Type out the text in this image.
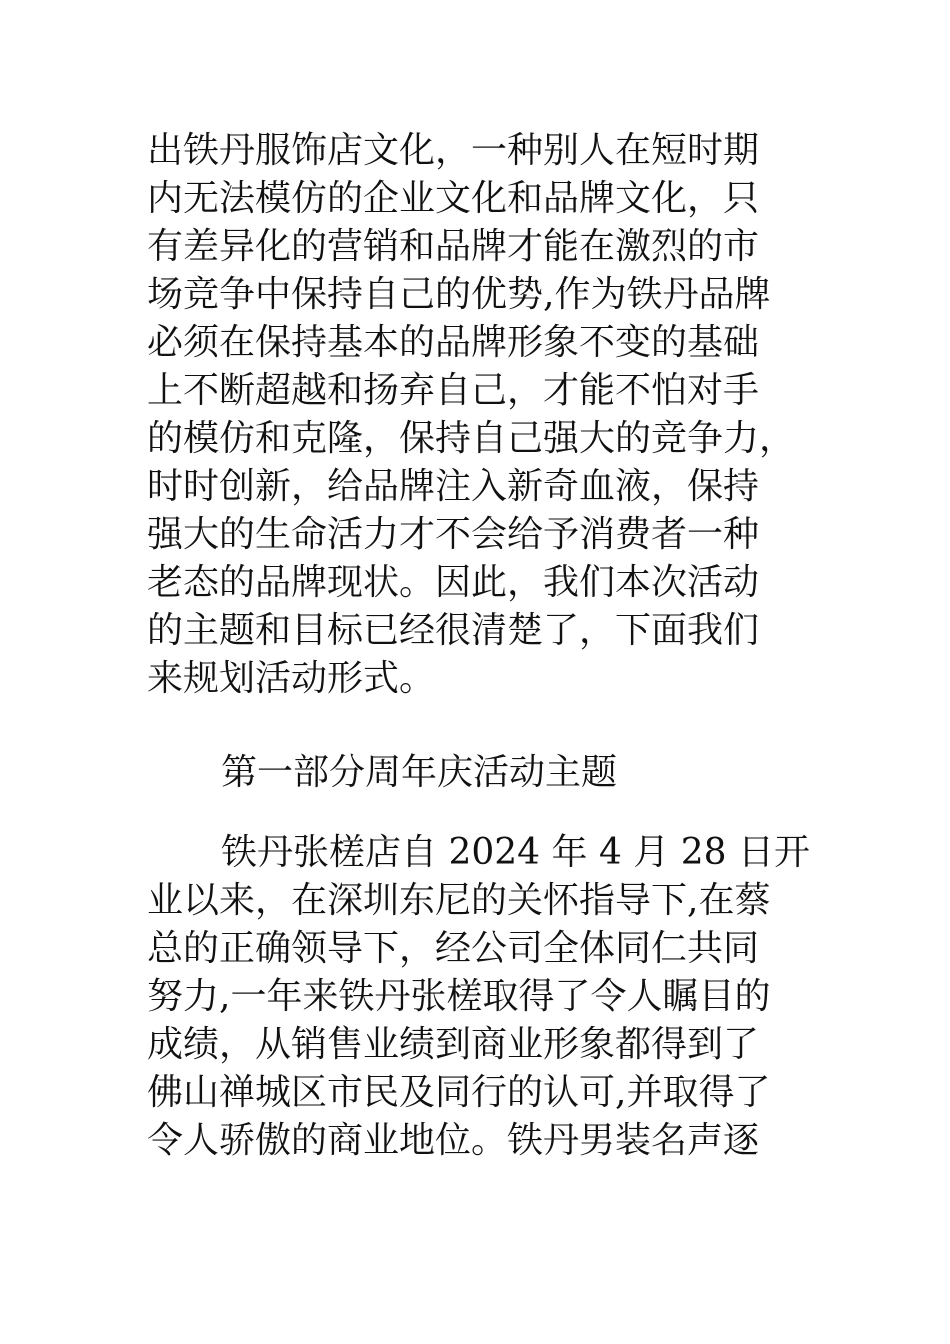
出铁丹服饰店文化，一种别人在短时期
内无法模仿的企业文化和品牌文化，只
有差异化的营销和品牌才能在激烈的市
场竞争中保持自己的优势,作为铁丹品牌
必须在保持基本的品牌形象不变的基础
上不断超越和扬弃自己，才能不怕对手
的模仿和克隆，保持自己强大的竞争力，
时时创新，给品牌注入新奇血液，保持
强大的生命活力才不会给予消费者一种
老态的品牌现状。因此，我们本次活动
的主题和目标已经很清楚了，下面我们
来规划活动形式。
第一部分周年庆活动主题
铁丹张槎店自 2024 年 4 月 28 日开
业以来，在深圳东尼的关怀指导下,在蔡
总的正确领导下，经公司全体同仁共同
努力,一年来铁丹张槎取得了令人瞩目的
成绩，从销售业绩到商业形象都得到了
佛山禅城区市民及同行的认可,并取得了
令人骄傲的商业地位。铁丹男装名声逐
